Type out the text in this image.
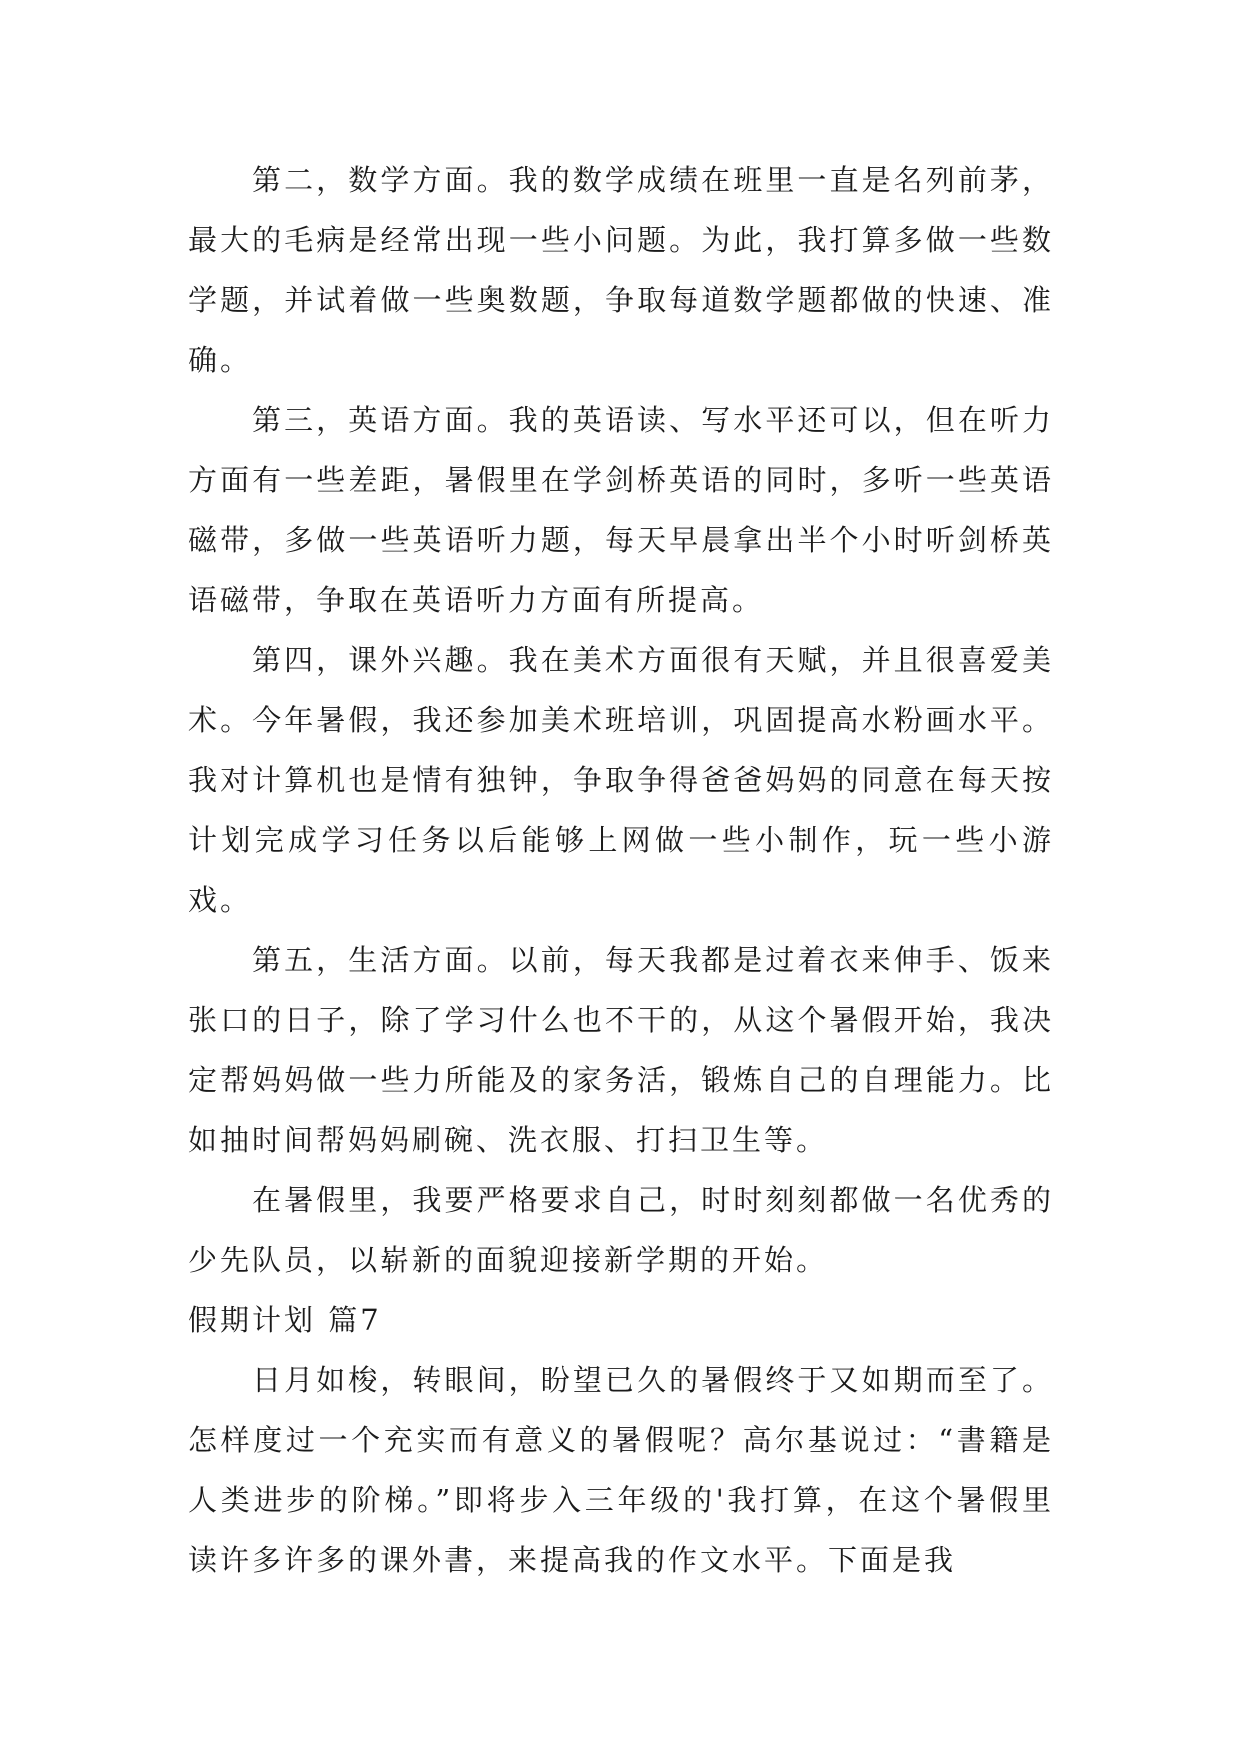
第二，数学方面。我的数学成绩在班里一直是名列前茅，最大的毛病是经常出现一些小问题。为此，我打算多做一些数学题，并试着做一些奥数题，争取每道数学题都做的快速、准确。

第三，英语方面。我的英语读、写水平还可以，但在听力方面有一些差距，暑假里在学剑桥英语的同时，多听一些英语磁带，多做一些英语听力题，每天早晨拿出半个小时听剑桥英语磁带，争取在英语听力方面有所提高。

第四，课外兴趣。我在美术方面很有天赋，并且很喜爱美术。今年暑假，我还参加美术班培训，巩固提高水粉画水平。我对计算机也是情有独钟，争取争得爸爸妈妈的同意在每天按计划完成学习任务以后能够上网做一些小制作，玩一些小游戏。

第五，生活方面。以前，每天我都是过着衣来伸手、饭来张口的日子，除了学习什么也不干的，从这个暑假开始，我决定帮妈妈做一些力所能及的家务活，锻炼自己的自理能力。比如抽时间帮妈妈刷碗、洗衣服、打扫卫生等。

在暑假里，我要严格要求自己，时时刻刻都做一名优秀的少先队员，以崭新的面貌迎接新学期的开始。

假期计划 篇7

日月如梭，转眼间，盼望已久的暑假终于又如期而至了。怎样度过一个充实而有意义的暑假呢？高尔基说过：“書籍是人类进步的阶梯。”即将步入三年级的'我打算，在这个暑假里读许多许多的课外書，来提高我的作文水平。下面是我
